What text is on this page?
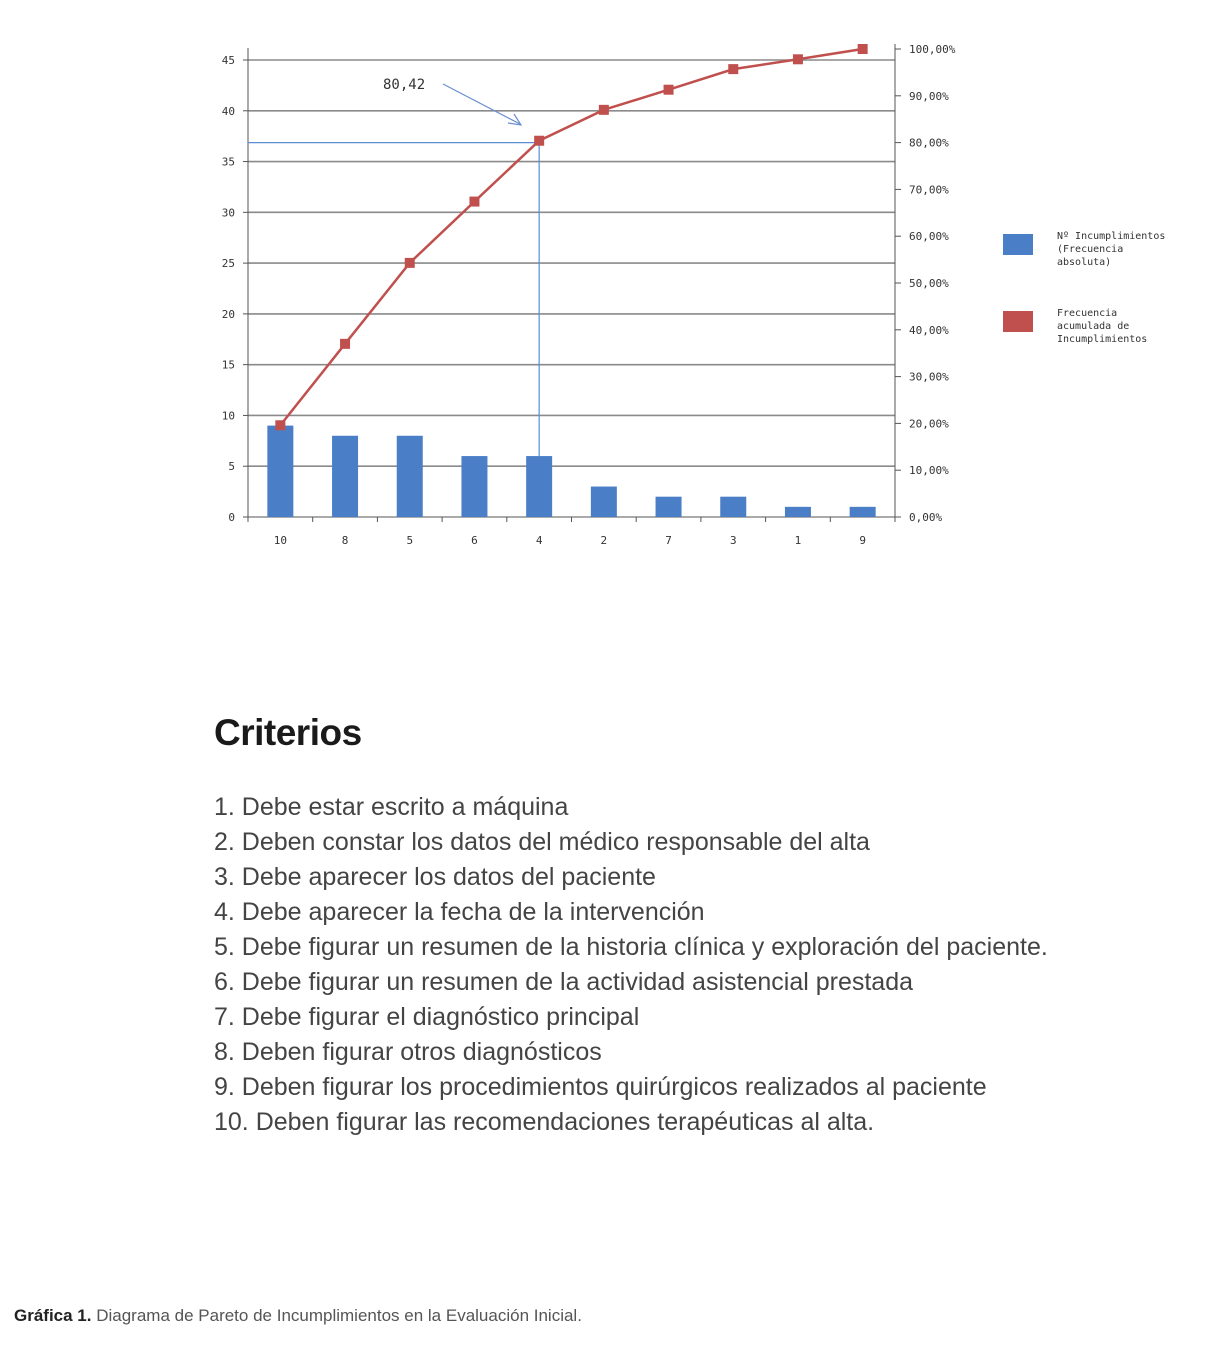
0
5
10
15
20
25
30
35
40
45
0,00%
10,00%
20,00%
30,00%
40,00%
50,00%
60,00%
70,00%
80,00%
90,00%
100,00%
10	8	5	6	4	2	7	3	1	9
80,42
Nº Incumplimientos (Frecuencia absoluta)
Frecuencia acumulada de Incumplimientos
Criterios
1. Debe estar escrito a máquina
2. Deben constar los datos del médico responsable del alta
3. Debe aparecer los datos del paciente
4. Debe aparecer la fecha de la intervención
5. Debe figurar un resumen de la historia clínica y exploración del paciente.
6. Debe figurar un resumen de la actividad asistencial prestada
7. Debe figurar el diagnóstico principal
8. Deben figurar otros diagnósticos
9. Deben figurar los procedimientos quirúrgicos realizados al paciente
10. Deben figurar las recomendaciones terapéuticas al alta.
Gráfica 1. Diagrama de Pareto de Incumplimientos en la Evaluación Inicial.
